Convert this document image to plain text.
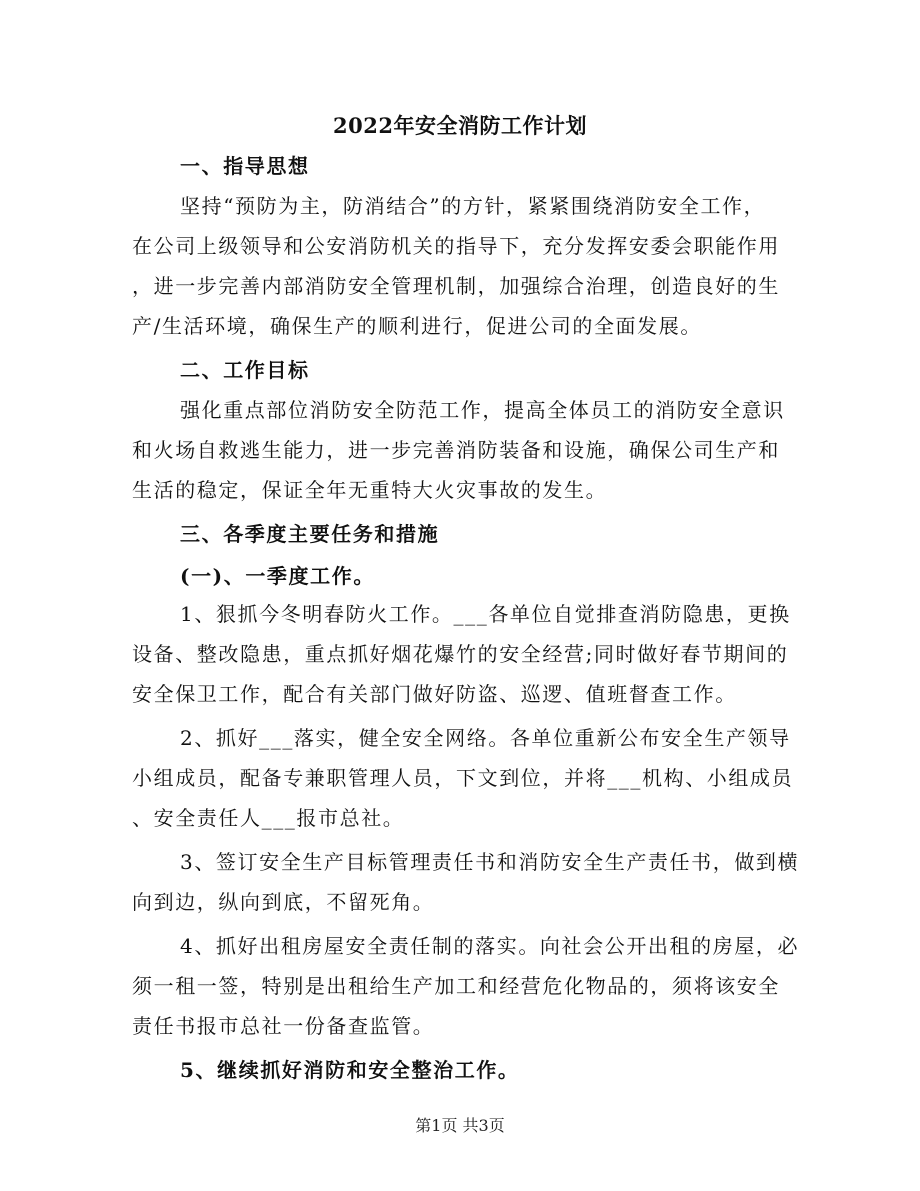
2022年安全消防工作计划
一、指导思想
坚持“预防为主，防消结合”的方针，紧紧围绕消防安全工作，
在公司上级领导和公安消防机关的指导下，充分发挥安委会职能作用
，进一步完善内部消防安全管理机制，加强综合治理，创造良好的生
产/生活环境，确保生产的顺利进行，促进公司的全面发展。
二、工作目标
强化重点部位消防安全防范工作，提高全体员工的消防安全意识
和火场自救逃生能力，进一步完善消防装备和设施，确保公司生产和
生活的稳定，保证全年无重特大火灾事故的发生。
三、各季度主要任务和措施
(一)、一季度工作。
1、狠抓今冬明春防火工作。___各单位自觉排查消防隐患，更换
设备、整改隐患，重点抓好烟花爆竹的安全经营;同时做好春节期间的
安全保卫工作，配合有关部门做好防盗、巡逻、值班督查工作。
2、抓好___落实，健全安全网络。各单位重新公布安全生产领导
小组成员，配备专兼职管理人员，下文到位，并将___机构、小组成员
、安全责任人___报市总社。
3、签订安全生产目标管理责任书和消防安全生产责任书，做到横
向到边，纵向到底，不留死角。
4、抓好出租房屋安全责任制的落实。向社会公开出租的房屋，必
须一租一签，特别是出租给生产加工和经营危化物品的，须将该安全
责任书报市总社一份备查监管。
5、继续抓好消防和安全整治工作。
第1页 共3页
